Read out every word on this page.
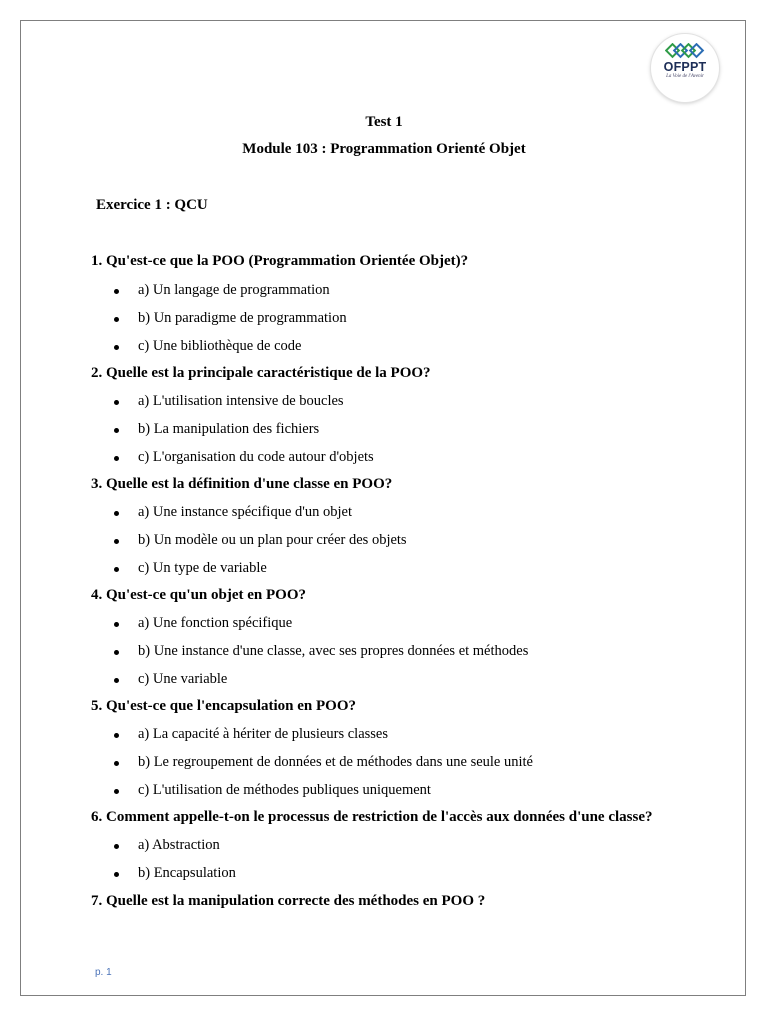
OFPPT
La Voie de l'Avenir
Test 1
Module 103 : Programmation Orienté Objet
Exercice 1 : QCU
1. Qu'est-ce que la POO (Programmation Orientée Objet)?
a) Un langage de programmation
b) Un paradigme de programmation
c) Une bibliothèque de code
2. Quelle est la principale caractéristique de la POO?
a) L'utilisation intensive de boucles
b) La manipulation des fichiers
c) L'organisation du code autour d'objets
3. Quelle est la définition d'une classe en POO?
a) Une instance spécifique d'un objet
b) Un modèle ou un plan pour créer des objets
c) Un type de variable
4. Qu'est-ce qu'un objet en POO?
a) Une fonction spécifique
b) Une instance d'une classe, avec ses propres données et méthodes
c) Une variable
5. Qu'est-ce que l'encapsulation en POO?
a) La capacité à hériter de plusieurs classes
b) Le regroupement de données et de méthodes dans une seule unité
c) L'utilisation de méthodes publiques uniquement
6. Comment appelle-t-on le processus de restriction de l'accès aux données d'une classe?
a) Abstraction
b) Encapsulation
7. Quelle est la manipulation correcte des méthodes en POO ?
p. 1
